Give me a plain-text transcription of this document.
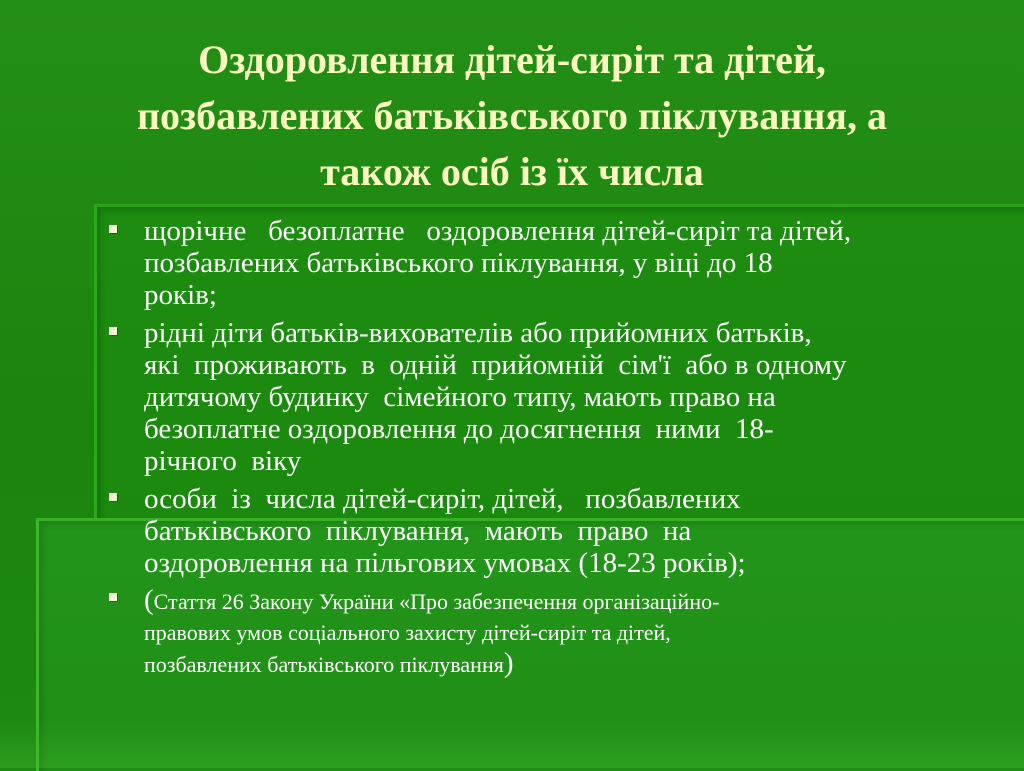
Оздоровлення дітей-сиріт та дітей,
позбавлених батьківського піклування, а
також осіб із їх числа
щорічне   безоплатне   оздоровлення дітей-сиріт та дітей,
позбавлених батьківського піклування, у віці до 18
років;
рідні діти батьків-вихователів або прийомних батьків,
які  проживають  в  одній  прийомній  сім'ї  або в одному
дитячому будинку  сімейного типу, мають право на
безоплатне оздоровлення до досягнення  ними  18-
річного  віку
особи  із  числа дітей-сиріт, дітей,   позбавлених
батьківського  піклування,  мають  право  на
оздоровлення на пільгових умовах (18-23 років);
(Стаття 26 Закону України «Про забезпечення організаційно-
правових умов соціального захисту дітей-сиріт та дітей,
позбавлених батьківського піклування)
